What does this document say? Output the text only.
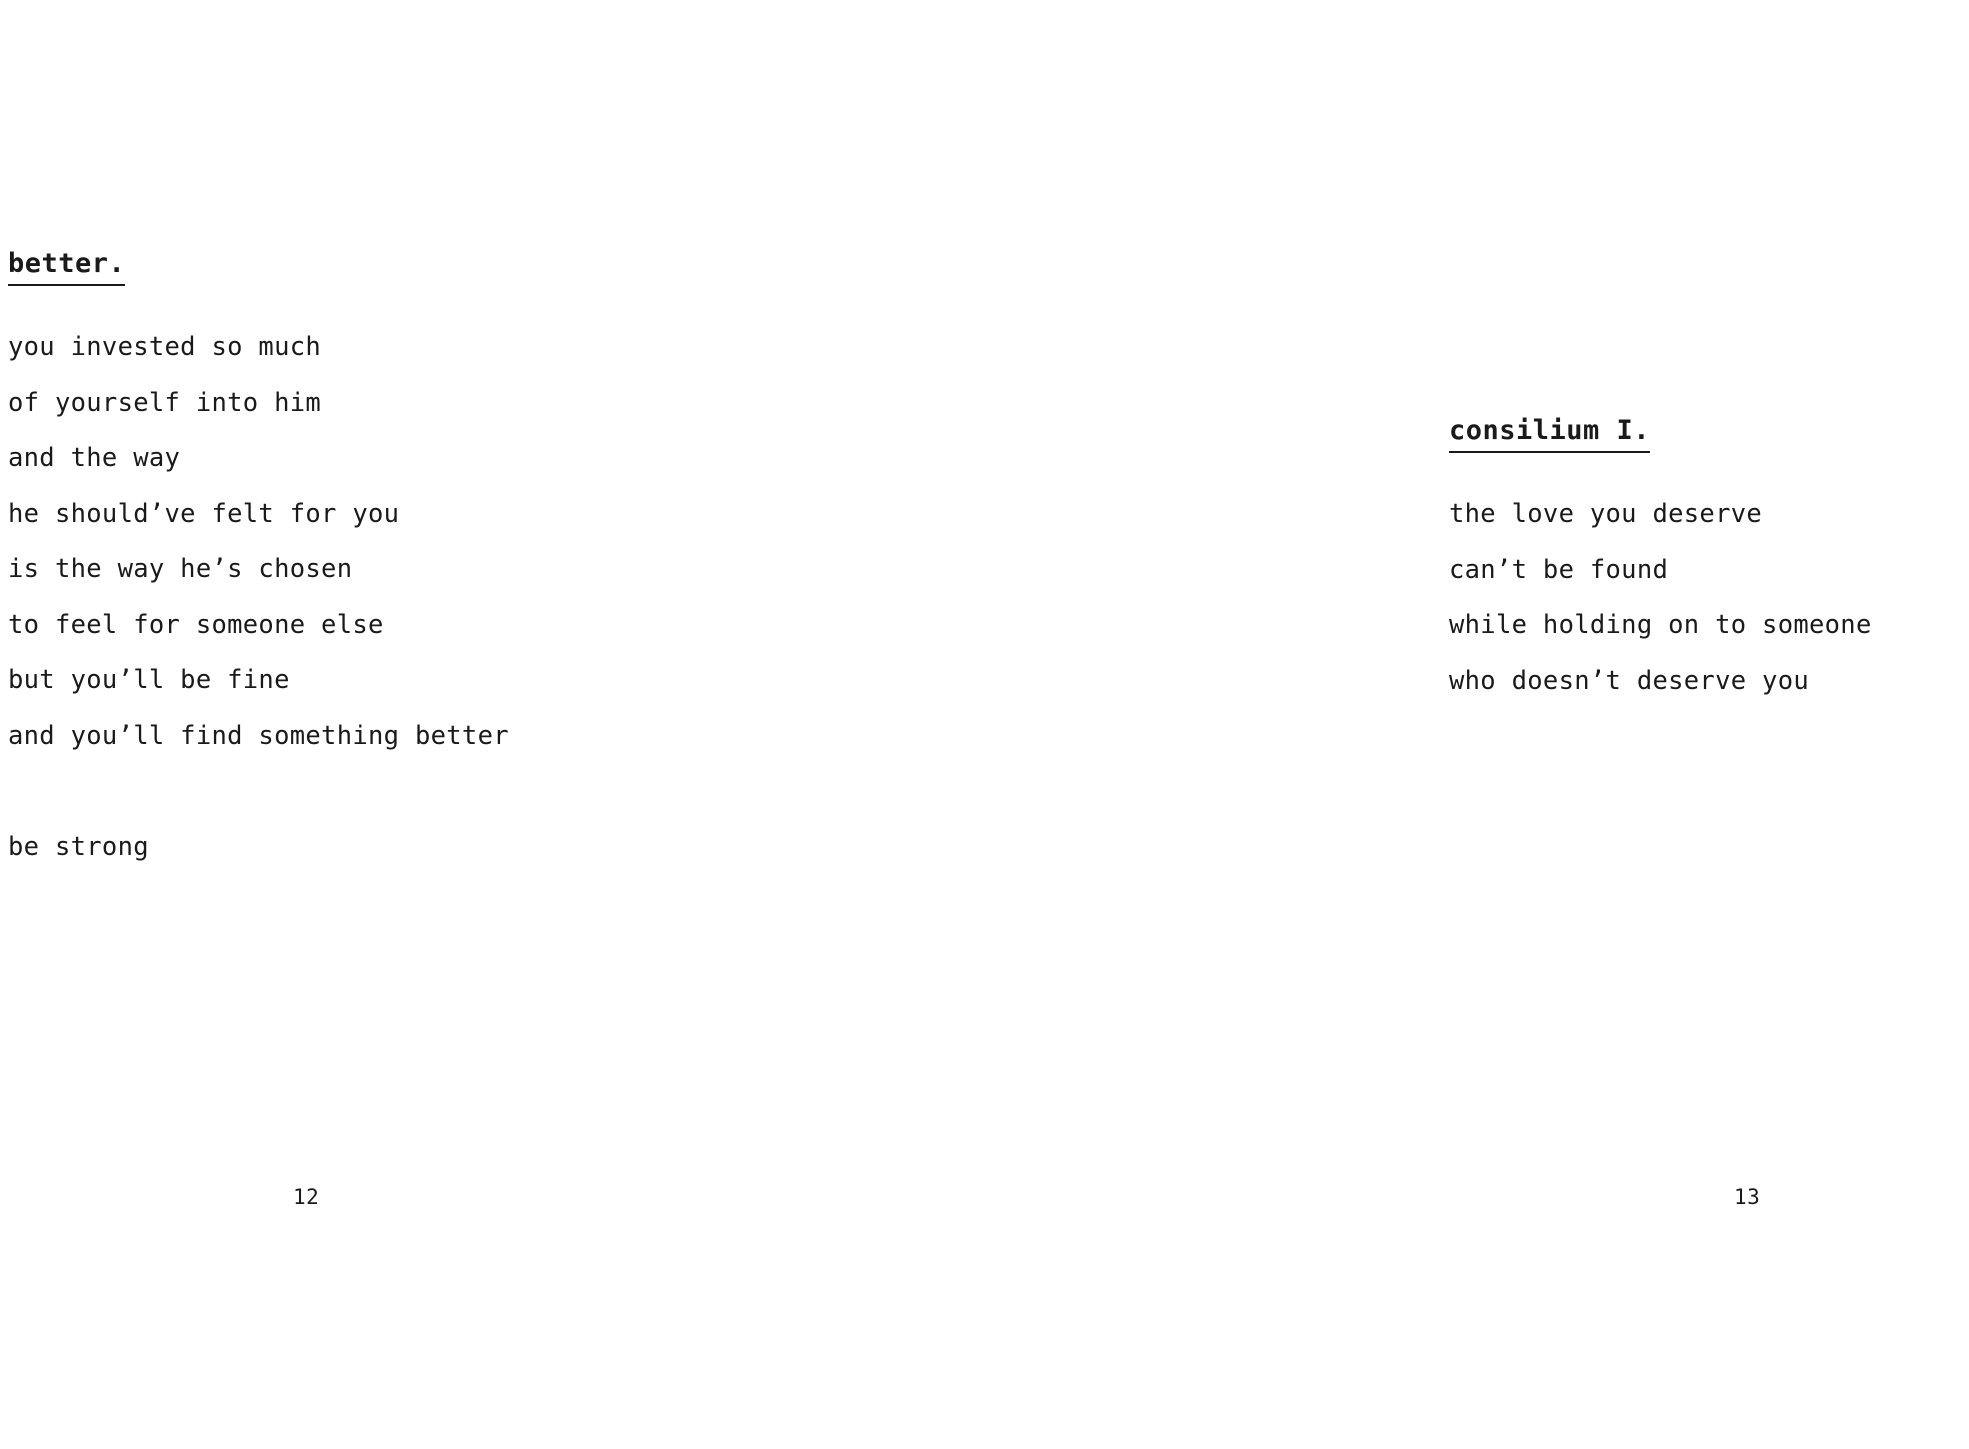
better.

you invested so much

of yourself into him

and the way

he should’ve felt for you

is the way he’s chosen

to feel for someone else

but you’ll be fine

and you’ll find something better

be strong

12
consilium I.

the love you deserve

can’t be found

while holding on to someone

who doesn’t deserve you

13
